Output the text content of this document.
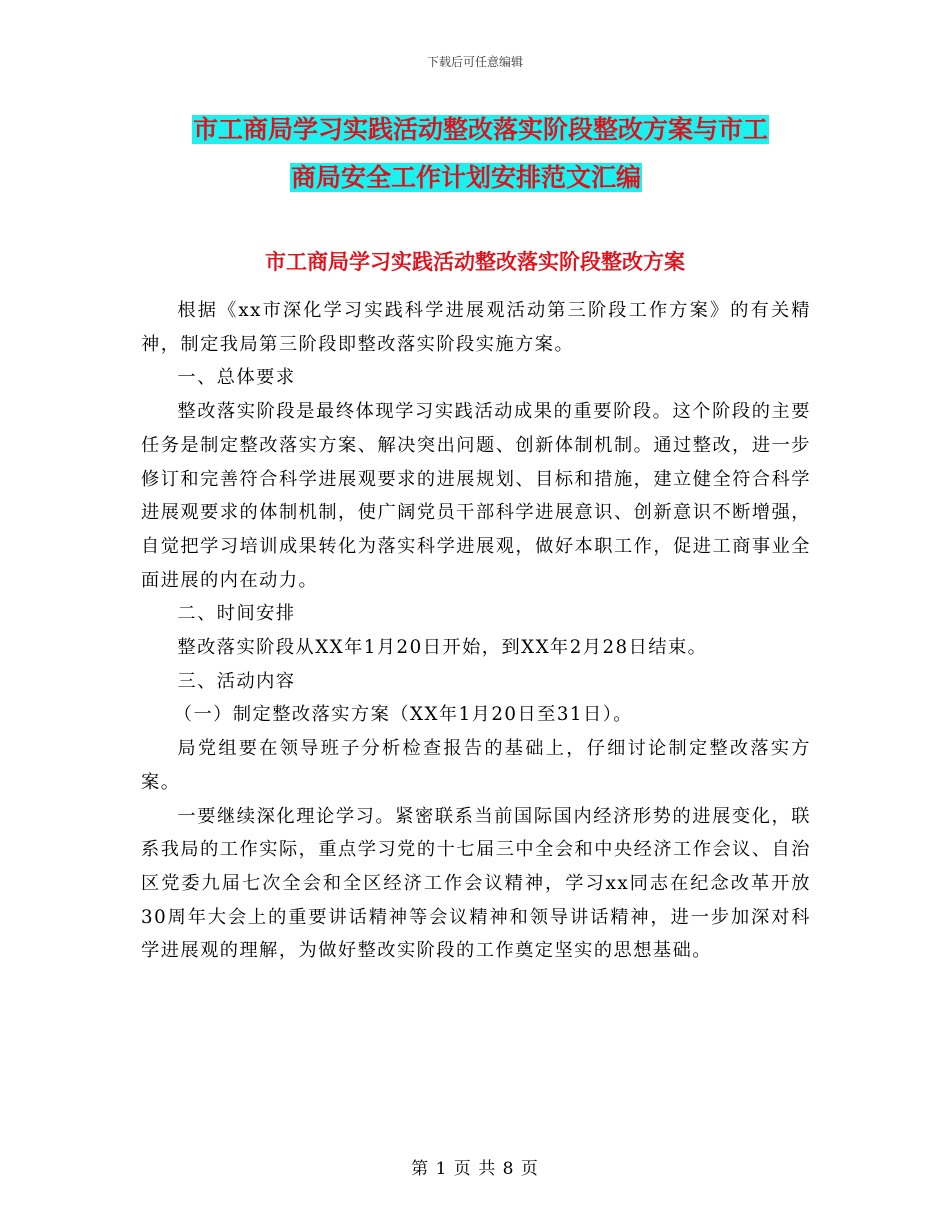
下载后可任意编辑
市工商局学习实践活动整改落实阶段整改方案与市工
商局安全工作计划安排范文汇编
市工商局学习实践活动整改落实阶段整改方案

根据《xx市深化学习实践科学进展观活动第三阶段工作方案》的有关精神，制定我局第三阶段即整改落实阶段实施方案。

一、总体要求

整改落实阶段是最终体现学习实践活动成果的重要阶段。这个阶段的主要任务是制定整改落实方案、解决突出问题、创新体制机制。通过整改，进一步修订和完善符合科学进展观要求的进展规划、目标和措施，建立健全符合科学进展观要求的体制机制，使广阔党员干部科学进展意识、创新意识不断增强，自觉把学习培训成果转化为落实科学进展观，做好本职工作，促进工商事业全面进展的内在动力。

二、时间安排

整改落实阶段从XX年1月20日开始，到XX年2月28日结束。

三、活动内容

（一）制定整改落实方案（XX年1月20日至31日）。

局党组要在领导班子分析检查报告的基础上，仔细讨论制定整改落实方案。

一要继续深化理论学习。紧密联系当前国际国内经济形势的进展变化，联系我局的工作实际，重点学习党的十七届三中全会和中央经济工作会议、自治区党委九届七次全会和全区经济工作会议精神，学习xx同志在纪念改革开放30周年大会上的重要讲话精神等会议精神和领导讲话精神，进一步加深对科学进展观的理解，为做好整改实阶段的工作奠定坚实的思想基础。

第 1 页 共 8 页
